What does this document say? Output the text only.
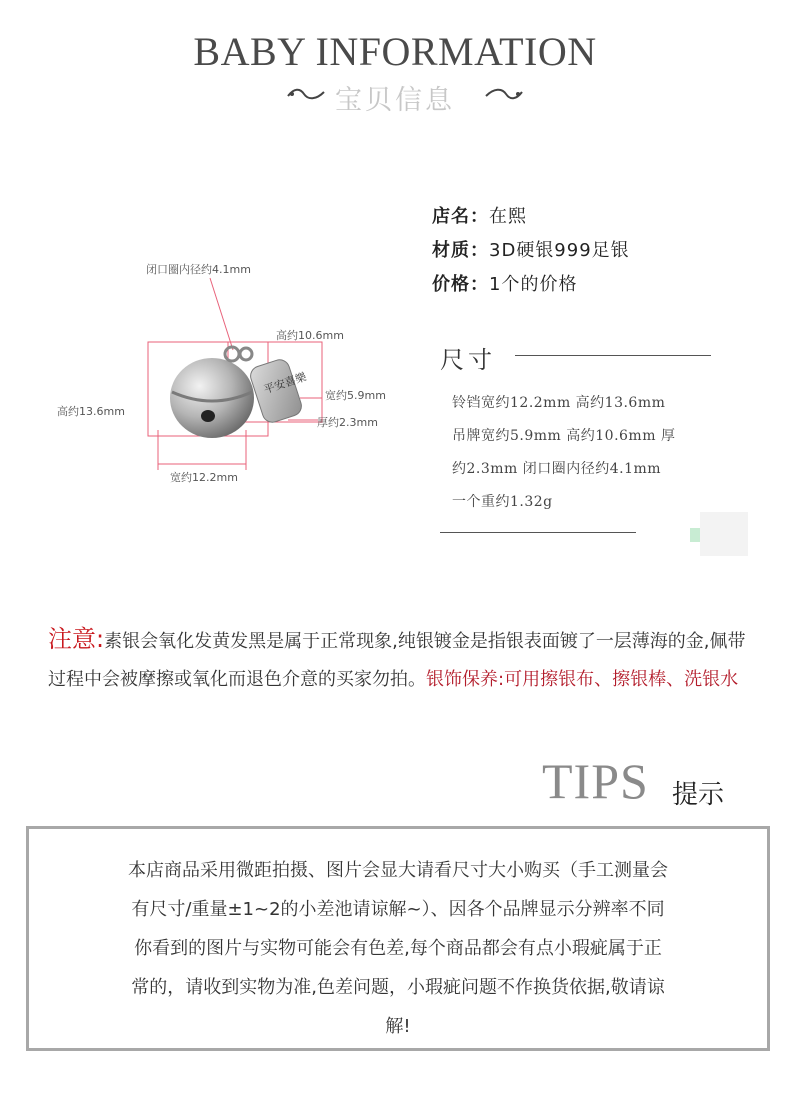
BABY INFORMATION
宝贝信息
平安喜樂
闭口圈内径约4.1mm
高约10.6mm
高约13.6mm
宽约5.9mm
厚约2.3mm
宽约12.2mm
店名：在熙
材质：3D硬银999足银
价格：1个的价格
尺寸
铃铛宽约12.2mm 高约13.6mm
吊牌宽约5.9mm 高约10.6mm 厚
约2.3mm 闭口圈内径约4.1mm
一个重约1.32g
注意:素银会氧化发黄发黑是属于正常现象,纯银镀金是指银表面镀了一层薄海的金,佩带过程中会被摩擦或氧化而退色介意的买家勿拍。银饰保养:可用擦银布、擦银棒、洗银水
TIPS 提示
本店商品采用微距拍摄、图片会显大请看尺寸大小购买（手工测量会
有尺寸/重量±1~2的小差池请谅解~）、因各个品牌显示分辨率不同
你看到的图片与实物可能会有色差,每个商品都会有点小瑕疵属于正
常的，请收到实物为准,色差问题，小瑕疵问题不作换货依据,敬请谅
解!
